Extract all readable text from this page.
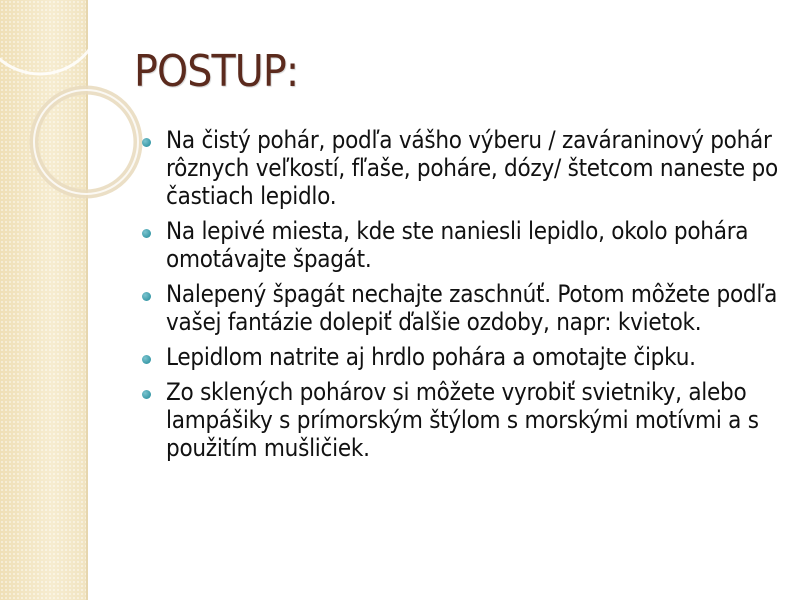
POSTUP:
Na čistý pohár, podľa vášho výberu / zaváraninový pohár rôznych veľkostí, fľaše, poháre, dózy/ štetcom naneste po častiach lepidlo.
Na lepivé miesta, kde ste naniesli lepidlo, okolo pohára omotávajte špagát.
Nalepený špagát nechajte zaschnúť. Potom môžete podľa vašej fantázie dolepiť ďalšie ozdoby, napr: kvietok.
Lepidlom natrite aj hrdlo pohára a omotajte čipku.
Zo sklených pohárov si môžete vyrobiť svietniky, alebo lampášiky s prímorským štýlom s morskými motívmi a s použitím mušličiek.
